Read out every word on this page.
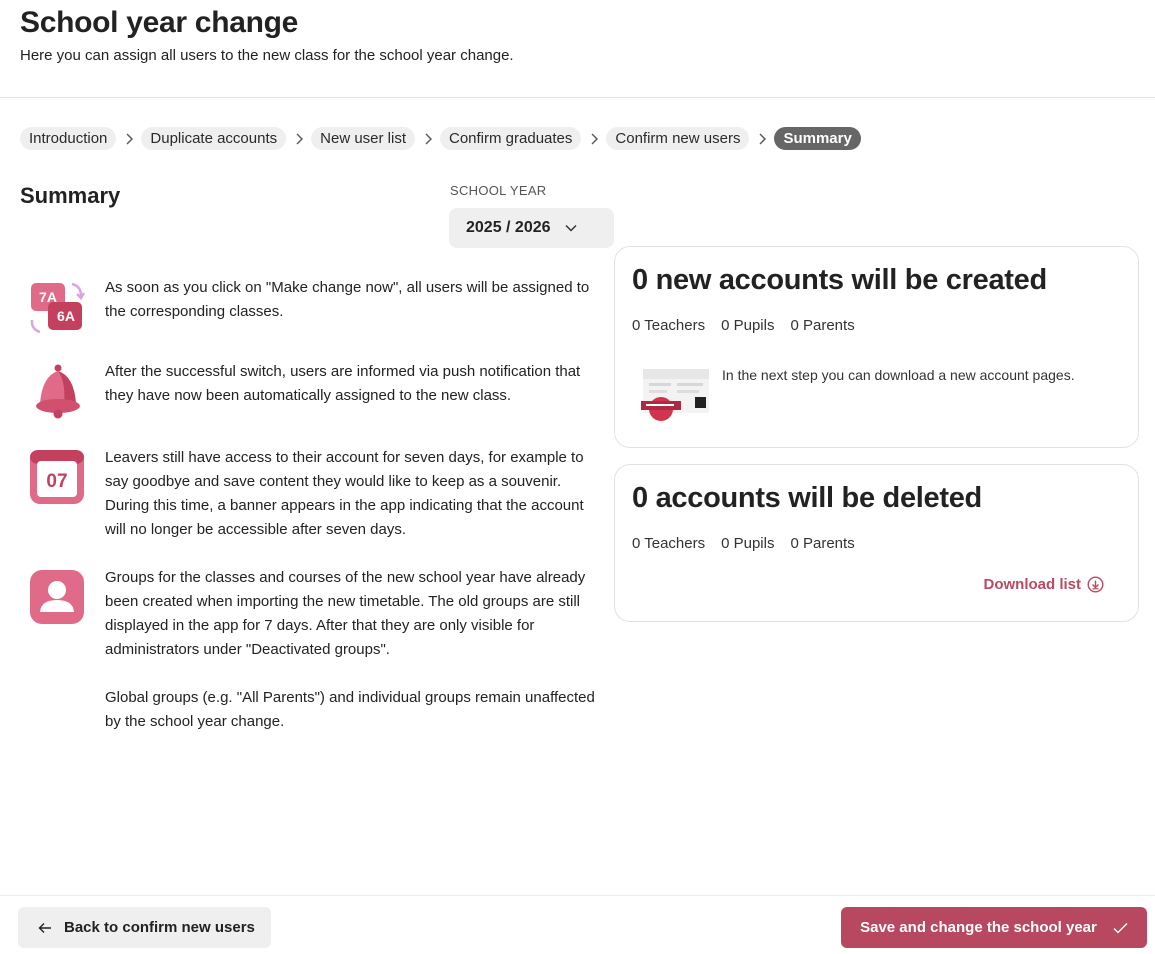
School year change
Here you can assign all users to the new class for the school year change.
Introduction	Duplicate accounts	New user list	Confirm graduates	Confirm new users	Summary
Summary	SCHOOL YEAR
2025 / 2026
7A
6A
As soon as you click on "Make change now", all users will be assigned to the corresponding classes.
After the successful switch, users are informed via push notification that they have now been automatically assigned to the new class.
07
Leavers still have access to their account for seven days, for example to say goodbye and save content they would like to keep as a souvenir. During this time, a banner appears in the app indicating that the account will no longer be accessible after seven days.
Groups for the classes and courses of the new school year have already been created when importing the new timetable. The old groups are still displayed in the app for 7 days. After that they are only visible for administrators under "Deactivated groups".
Global groups (e.g. "All Parents") and individual groups remain unaffected by the school year change.
0 new accounts will be created
0 Teachers 0 Pupils 0 Parents
In the next step you can download a new account pages.
0 accounts will be deleted
0 Teachers 0 Pupils 0 Parents
Download list
Back to confirm new users	Save and change the school year
